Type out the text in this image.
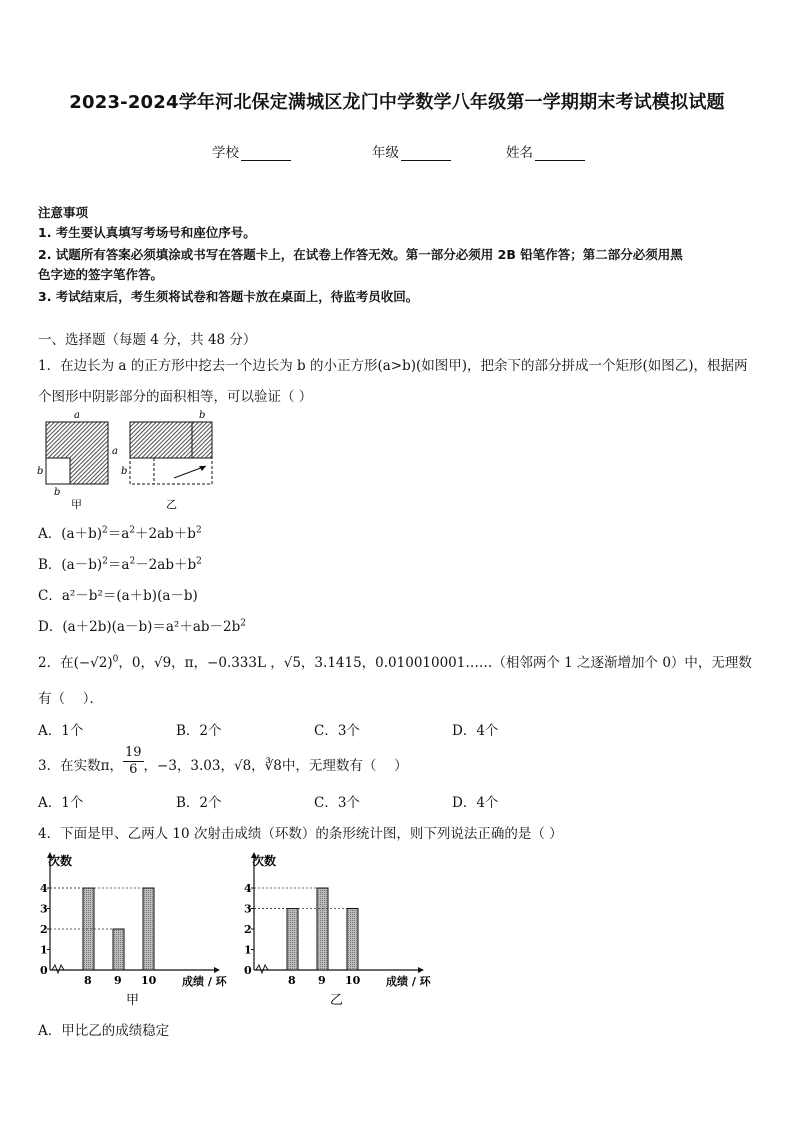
2023-2024学年河北保定满城区龙门中学数学八年级第一学期期末考试模拟试题
学校	年级	姓名
注意事项
1. 考生要认真填写考场号和座位序号。
2. 试题所有答案必须填涂或书写在答题卡上，在试卷上作答无效。第一部分必须用 2B 铅笔作答；第二部分必须用黑
色字迹的签字笔作答。
3. 考试结束后，考生须将试卷和答题卡放在桌面上，待监考员收回。
一、选择题（每题 4 分，共 48 分）
1．在边长为 a 的正方形中挖去一个边长为 b 的小正方形(a>b)(如图甲)，把余下的部分拼成一个矩形(如图乙)，根据两
个图形中阴影部分的面积相等，可以验证（ ）
a
a
b
b
甲
b
b
乙
A．$(a+b)^2=a^2+2ab+b^2$
B．$(a-b)^2=a^2-2ab+b^2$
C．a²－b²＝(a＋b)(a－b)
D．$(a+2b)(a-b)=a^2+ab-2b^2$
2．在$(-√2)^0$，0，√9，π，−0.333L ，√5，3.1415，0.010010001……（相邻两个 1 之逐渐增加个 0）中，无理数
有（　 ）．
A．1个	B．2个	C．3个	D．4个
3．在实数π， $\frac{19}{6}$ ，−3，3.03，√8，∛8中，无理数有（　 ）
A．1个	B．2个	C．3个	D．4个
4．下面是甲、乙两人 10 次射击成绩（环数）的条形统计图，则下列说法正确的是（ ）
0
1
2
3
4
次数
8 9 10 成绩 / 环
甲
0
1
2
3
4
次数
8 9 10 成绩 / 环
乙
A．甲比乙的成绩稳定
